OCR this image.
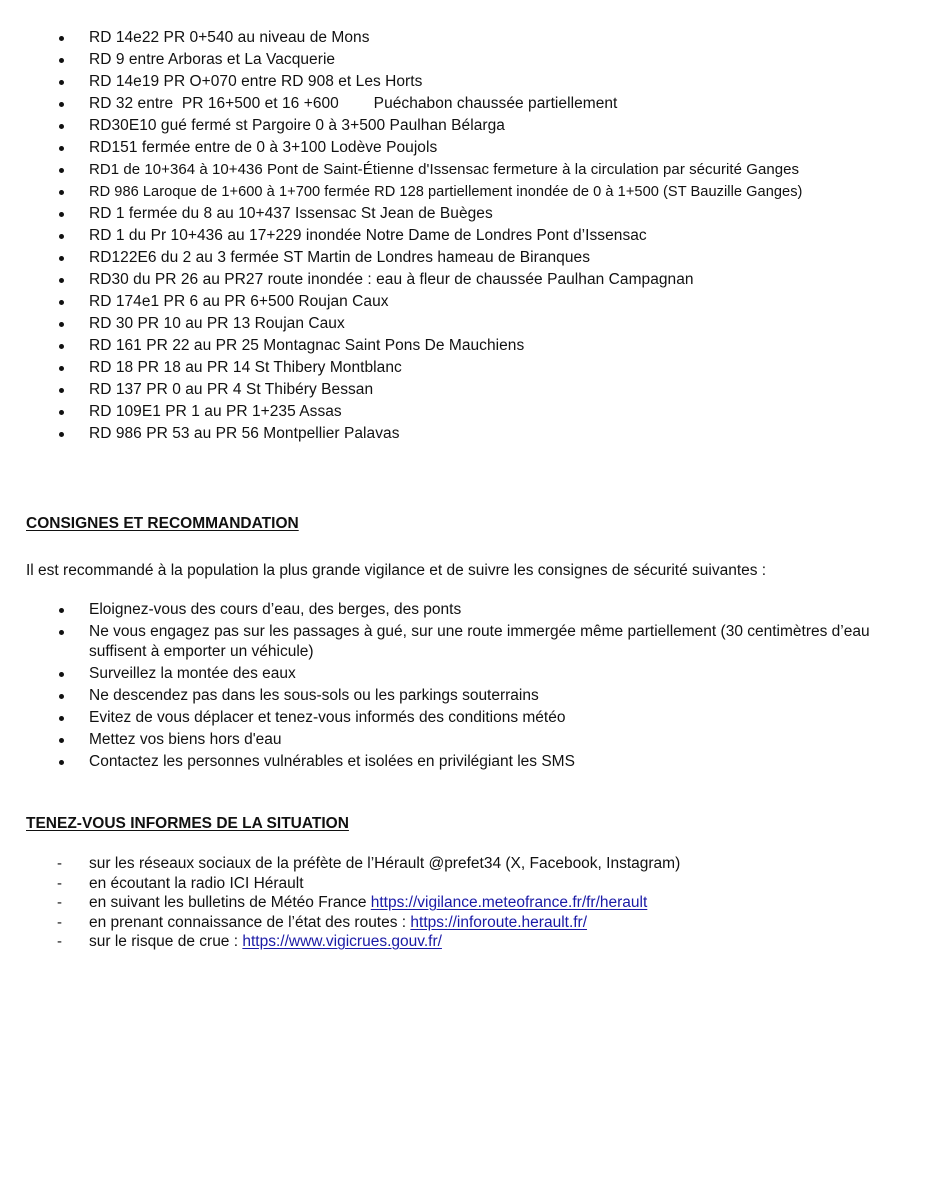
RD 14e22 PR 0+540 au niveau de Mons
RD 9 entre Arboras et La Vacquerie
RD 14e19 PR O+070 entre RD 908 et Les Horts
RD 32 entre  PR 16+500 et 16 +600        Puéchabon chaussée partiellement
RD30E10 gué fermé st Pargoire 0 à 3+500 Paulhan Bélarga
RD151 fermée entre de 0 à 3+100 Lodève Poujols
RD1 de 10+364 à 10+436 Pont de Saint-Étienne d'Issensac fermeture à la circulation par sécurité Ganges
RD 986 Laroque de 1+600 à 1+700 fermée RD 128 partiellement inondée de 0 à 1+500 (ST Bauzille Ganges)
RD 1 fermée du 8 au 10+437 Issensac St Jean de Buèges
RD 1 du Pr 10+436 au 17+229 inondée Notre Dame de Londres Pont d’Issensac
RD122E6 du 2 au 3 fermée ST Martin de Londres hameau de Biranques
RD30 du PR 26 au PR27 route inondée : eau à fleur de chaussée Paulhan Campagnan
RD 174e1 PR 6 au PR 6+500 Roujan Caux
RD 30 PR 10 au PR 13 Roujan Caux
RD 161 PR 22 au PR 25 Montagnac Saint Pons De Mauchiens
RD 18 PR 18 au PR 14 St Thibery Montblanc
RD 137 PR 0 au PR 4 St Thibéry Bessan
RD 109E1 PR 1 au PR 1+235 Assas
RD 986 PR 53 au PR 56 Montpellier Palavas
CONSIGNES ET RECOMMANDATION

Il est recommandé à la population la plus grande vigilance et de suivre les consignes de sécurité suivantes :

Eloignez-vous des cours d’eau, des berges, des ponts
Ne vous engagez pas sur les passages à gué, sur une route immergée même partiellement (30 centimètres d’eau suffisent à emporter un véhicule)
Surveillez la montée des eaux
Ne descendez pas dans les sous-sols ou les parkings souterrains
Evitez de vous déplacer et tenez-vous informés des conditions météo
Mettez vos biens hors d'eau
Contactez les personnes vulnérables et isolées en privilégiant les SMS
TENEZ-VOUS INFORMES DE LA SITUATION
- sur les réseaux sociaux de la préfète de l’Hérault @prefet34 (X, Facebook, Instagram)
- en écoutant la radio ICI Hérault
- en suivant les bulletins de Météo France https://vigilance.meteofrance.fr/fr/herault
- en prenant connaissance de l’état des routes : https://inforoute.herault.fr/
- sur le risque de crue : https://www.vigicrues.gouv.fr/
